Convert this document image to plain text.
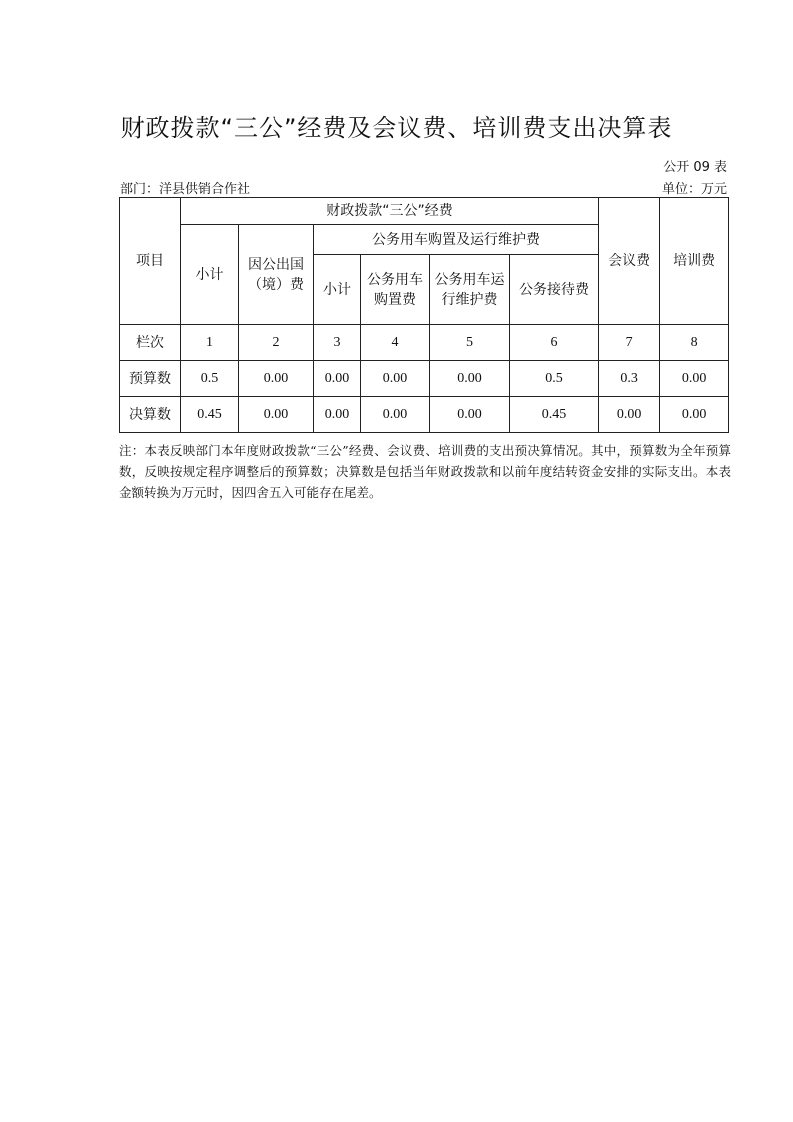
财政拨款“三公”经费及会议费、培训费支出决算表
公开 09 表
部门：洋县供销合作社	单位：万元
项目	财政拨款“三公”经费						会议费	培训费
	小计	因公出国（境）费	公务用车购置及运行维护费					
			小计	公务用车购置费	公务用车运行维护费	公务接待费		

栏次	1	2	3	4	5	6	7	8
预算数	0.5	0.00	0.00	0.00	0.00	0.5	0.3	0.00
决算数	0.45	0.00	0.00	0.00	0.00	0.45	0.00	0.00
注：本表反映部门本年度财政拨款“三公”经费、会议费、培训费的支出预决算情况。其中，预算数为全年预算数，反映按规定程序调整后的预算数；决算数是包括当年财政拨款和以前年度结转资金安排的实际支出。本表金额转换为万元时，因四舍五入可能存在尾差。
